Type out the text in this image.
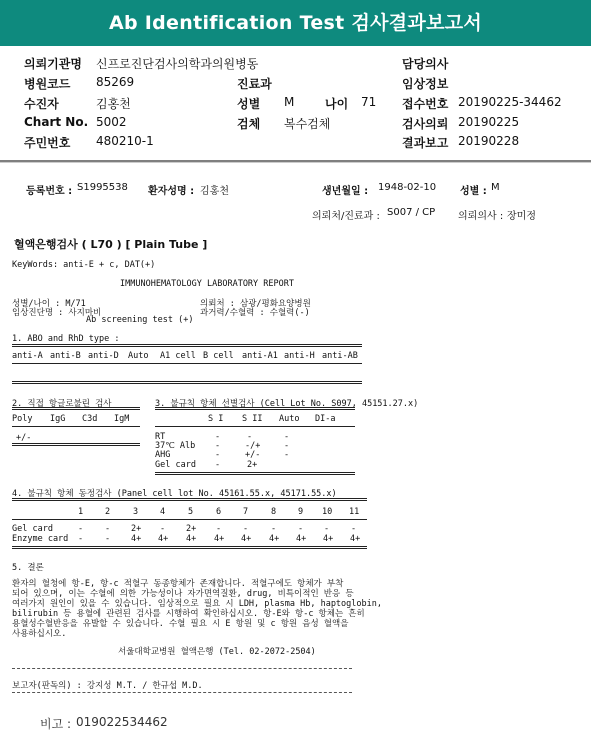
Ab Identification Test 검사결과보고서
의뢰기관명 신프로진단검사의학과의원병동	담당의사
병원코드 85269	진료과	임상정보
수진자	김홍천	성별 M	나이 71 접수번호 20190225-34462
Chart No. 5002	검체 복수검체	검사의뢰 20190225
주민번호 480210-1	결과보고 20190228
등록번호 : S1995538 환자성명 : 김홍천	생년월일 : 1948-02-10 성별 : M
의뢰처/진료과 : S007 / CP 의뢰의사 : 장미정
혈액은행검사 ( L70 ) [ Plain Tube ]
KeyWords: anti-E + c, DAT(+)
IMMUNOHEMATOLOGY LABORATORY REPORT
성별/나이 : M/71	의뢰처 : 삼광/평화요양병원
임상진단명 : 사지마비	과거력/수혈력 : 수혈력(-)
Ab screening test (+)
1. ABO and RhD type :
anti-A anti-B anti-D Auto A1 cell B cell anti-A1 anti-H anti-AB
2. 직접 항글로불린 검사
Poly IgG C3d IgM
+/-
3. 불규칙 항체 선별검사 (Cell Lot No. S097, 45151.27.x)
S I S II Auto DI-a
RT	-	-	-
37℃ Alb -	-/+	-
AHG	-	+/-	-
Gel card -	2+
4. 불규칙 항체 동정검사 (Panel cell lot No. 45161.55.x, 45171.55.x)
1	2	3	4	5	6	7	8	9 10 11
Gel card	-	- 2+ - 2+ -	-	-	- -	-
Enzyme card -	- 4+ 4+ 4+ 4+ 4+ 4+ 4+ 4+ 4+
5. 결론
환자의 혈청에 항-E, 항-c 적혈구 동종항체가 존재합니다. 적혈구에도 항체가 부착
되어 있으며, 이는 수혈에 의한 가능성이나 자가면역질환, drug, 비특이적인 반응 등
여러가지 원인이 있을 수 있습니다. 임상적으로 필요 시 LDH, plasma Hb, haptoglobin,
bilirubin 등 용혈에 관련된 검사를 시행하여 확인하십시오. 항-E와 항-c 항체는 흔히
용혈성수혈반응을 유발할 수 있습니다. 수혈 필요 시 E 항원 및 c 항원 음성 혈액을
사용하십시오.
서울대학교병원 혈액은행 (Tel. 02-2072-2504)
보고자(판독의) : 강지성 M.T. / 한규섭 M.D.
비고 : 019022534462
